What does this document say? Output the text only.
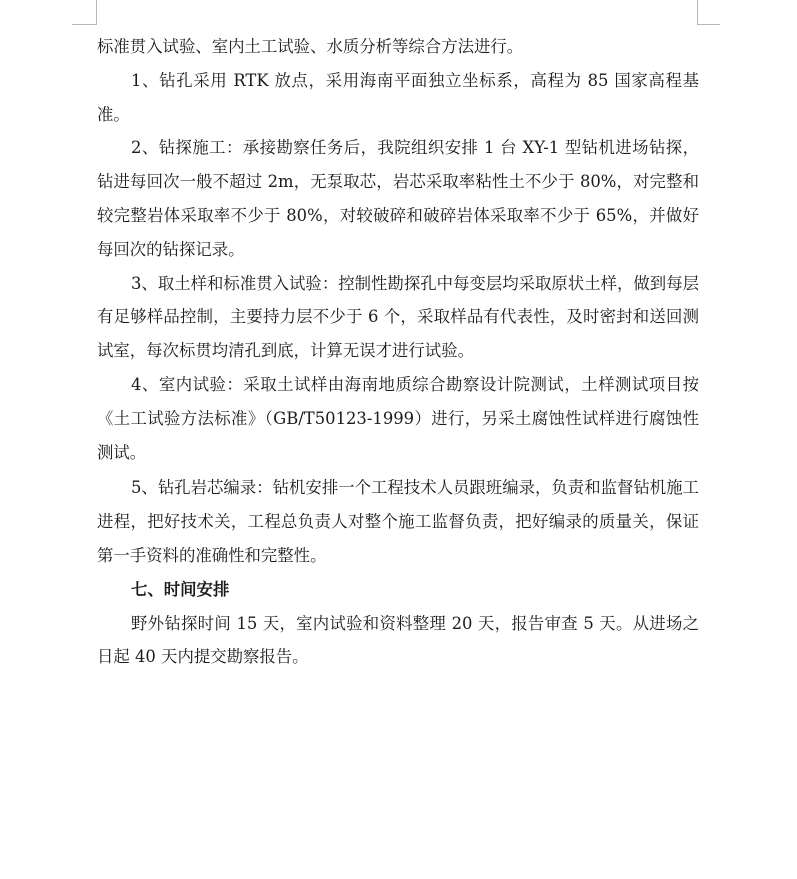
标准贯入试验、室内土工试验、水质分析等综合方法进行。

1、钻孔采用 RTK 放点，采用海南平面独立坐标系，高程为 85 国家高程基准。

2、钻探施工：承接勘察任务后，我院组织安排 1 台 XY-1 型钻机进场钻探，钻进每回次一般不超过 2m，无泵取芯，岩芯采取率粘性土不少于 80%，对完整和较完整岩体采取率不少于 80%，对较破碎和破碎岩体采取率不少于 65%，并做好每回次的钻探记录。

3、取土样和标准贯入试验：控制性勘探孔中每变层均采取原状土样，做到每层有足够样品控制，主要持力层不少于 6 个，采取样品有代表性，及时密封和送回测试室，每次标贯均清孔到底，计算无误才进行试验。

4、室内试验：采取土试样由海南地质综合勘察设计院测试，土样测试项目按《土工试验方法标准》（GB/T50123-1999）进行，另采土腐蚀性试样进行腐蚀性测试。

5、钻孔岩芯编录：钻机安排一个工程技术人员跟班编录，负责和监督钻机施工进程，把好技术关，工程总负责人对整个施工监督负责，把好编录的质量关，保证第一手资料的准确性和完整性。

七、时间安排

野外钻探时间 15 天，室内试验和资料整理 20 天，报告审查 5 天。从进场之日起 40 天内提交勘察报告。
